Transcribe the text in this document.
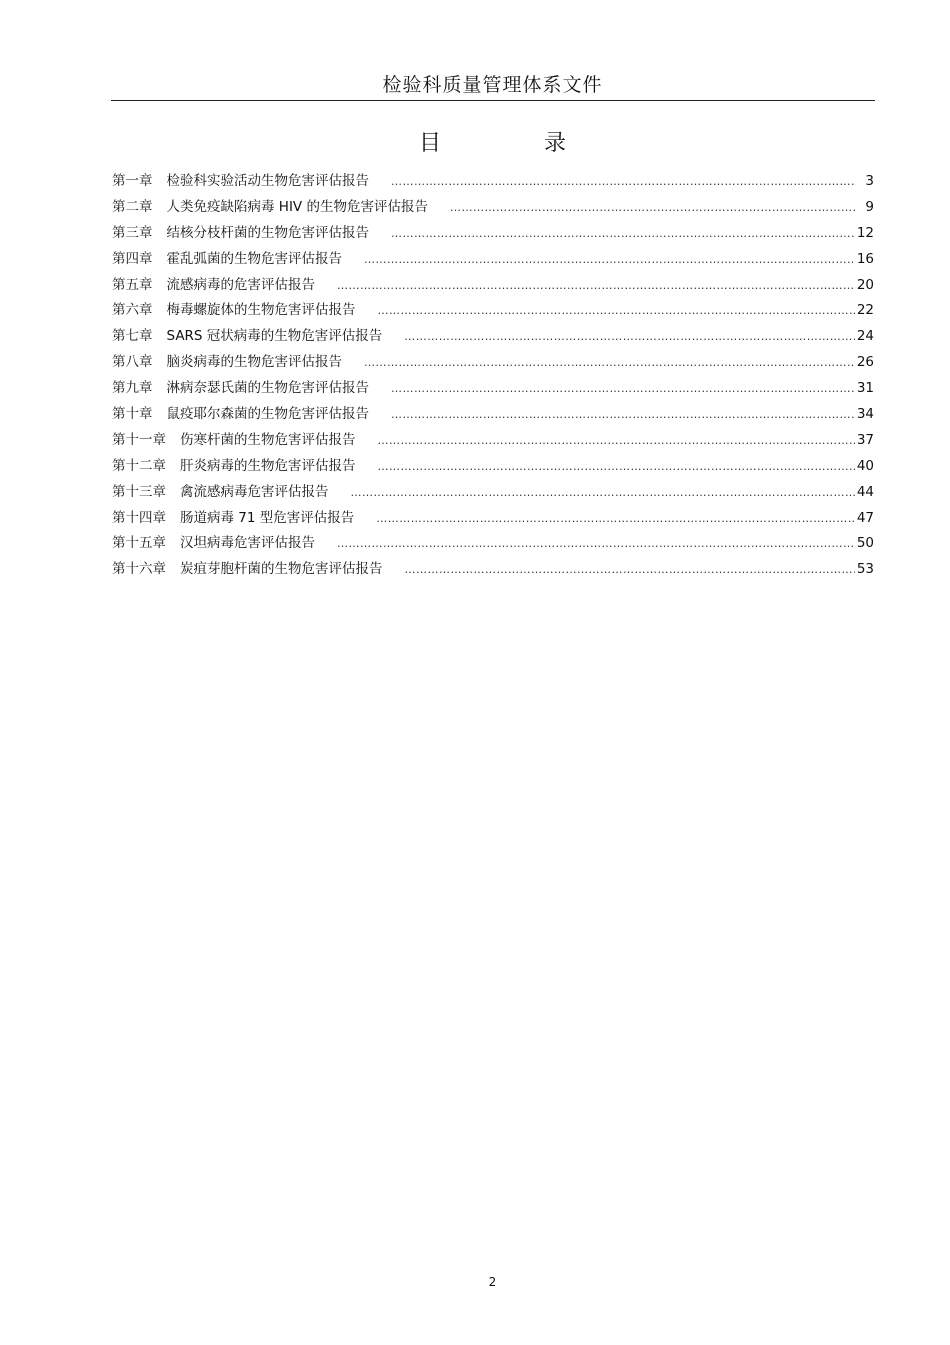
检验科质量管理体系文件
目 录
第一章 检验科实验活动生物危害评估报告 ………………………………………………………………………………………………………………………………………………………………………………………………………………	3
第二章 人类免疫缺陷病毒 HIV 的生物危害评估报告 ………………………………………………………………………………………………………………………………………………………………………………………………………………	9
第三章 结核分枝杆菌的生物危害评估报告 ………………………………………………………………………………………………………………………………………………………………………………………………………………	12
第四章 霍乱弧菌的生物危害评估报告 ………………………………………………………………………………………………………………………………………………………………………………………………………………	16
第五章 流感病毒的危害评估报告 ………………………………………………………………………………………………………………………………………………………………………………………………………………	20
第六章 梅毒螺旋体的生物危害评估报告 ………………………………………………………………………………………………………………………………………………………………………………………………………………	22
第七章 SARS 冠状病毒的生物危害评估报告 ………………………………………………………………………………………………………………………………………………………………………………………………………………	24
第八章 脑炎病毒的生物危害评估报告 ………………………………………………………………………………………………………………………………………………………………………………………………………………	26
第九章 淋病奈瑟氏菌的生物危害评估报告 ………………………………………………………………………………………………………………………………………………………………………………………………………………	31
第十章 鼠疫耶尔森菌的生物危害评估报告 ………………………………………………………………………………………………………………………………………………………………………………………………………………	34
第十一章 伤寒杆菌的生物危害评估报告 ………………………………………………………………………………………………………………………………………………………………………………………………………………	37
第十二章 肝炎病毒的生物危害评估报告 ………………………………………………………………………………………………………………………………………………………………………………………………………………	40
第十三章 禽流感病毒危害评估报告 ………………………………………………………………………………………………………………………………………………………………………………………………………………	44
第十四章 肠道病毒 71 型危害评估报告 ………………………………………………………………………………………………………………………………………………………………………………………………………………	47
第十五章 汉坦病毒危害评估报告 ………………………………………………………………………………………………………………………………………………………………………………………………………………	50
第十六章 炭疽芽胞杆菌的生物危害评估报告 ………………………………………………………………………………………………………………………………………………………………………………………………………………	53
2
